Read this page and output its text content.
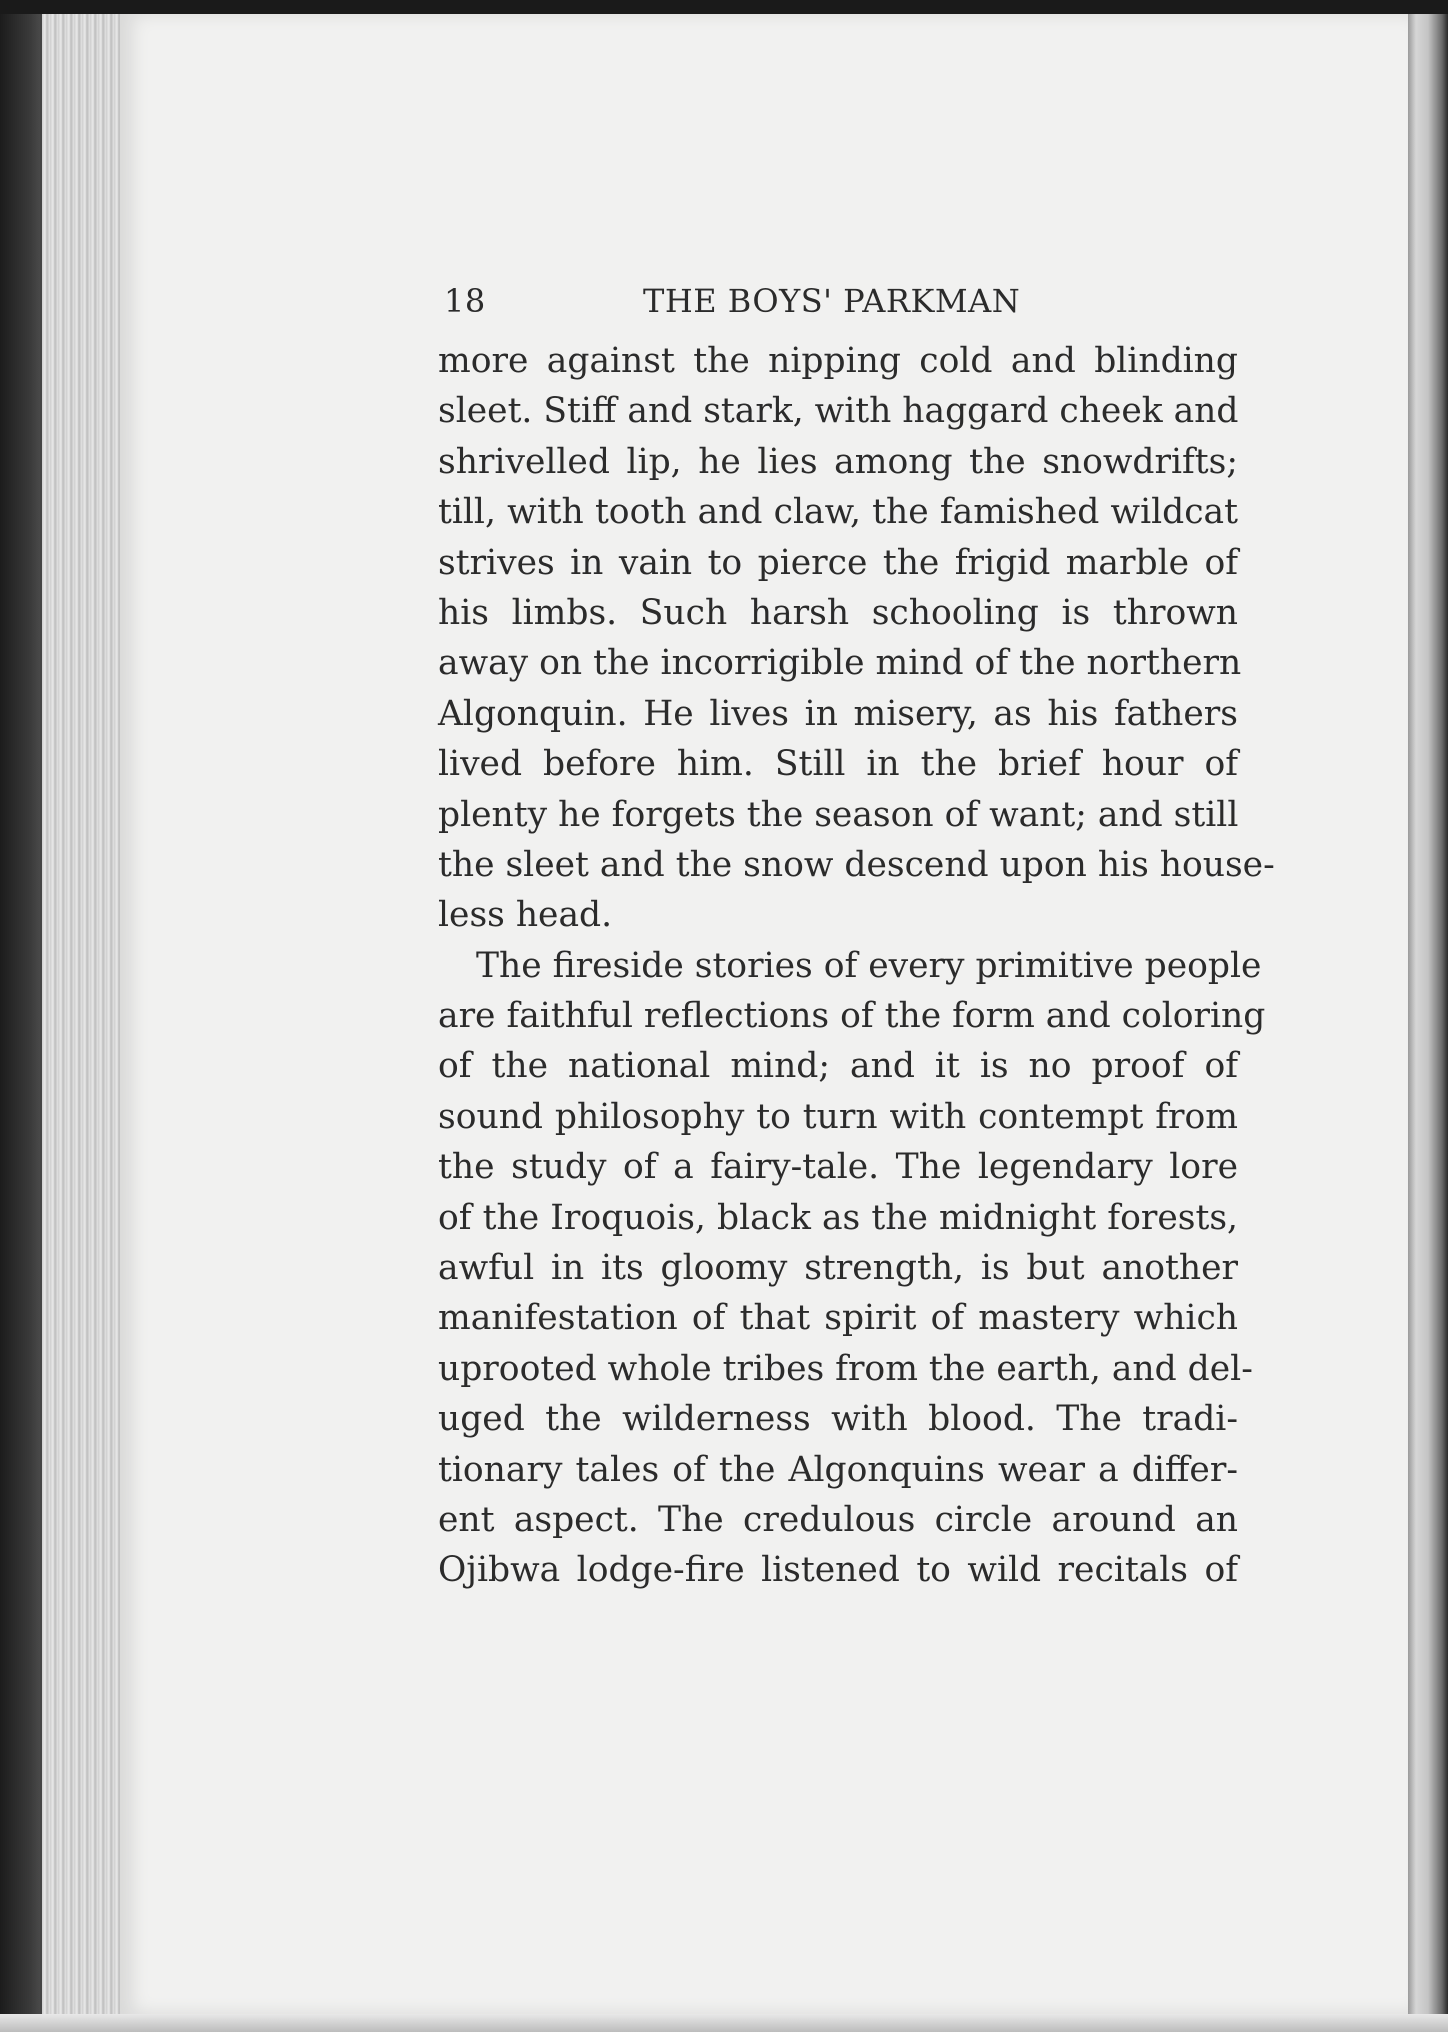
18	THE BOYS' PARKMAN
more against the nipping cold and blinding
sleet. Stiff and stark, with haggard cheek and
shrivelled lip, he lies among the snowdrifts;
till, with tooth and claw, the famished wildcat
strives in vain to pierce the frigid marble of
his limbs. Such harsh schooling is thrown
away on the incorrigible mind of the northern
Algonquin. He lives in misery, as his fathers
lived before him. Still in the brief hour of
plenty he forgets the season of want; and still
the sleet and the snow descend upon his house-
less head.
The fireside stories of every primitive people
are faithful reflections of the form and coloring
of the national mind; and it is no proof of
sound philosophy to turn with contempt from
the study of a fairy-tale. The legendary lore
of the Iroquois, black as the midnight forests,
awful in its gloomy strength, is but another
manifestation of that spirit of mastery which
uprooted whole tribes from the earth, and del-
uged the wilderness with blood. The tradi-
tionary tales of the Algonquins wear a differ-
ent aspect. The credulous circle around an
Ojibwa lodge-fire listened to wild recitals of
